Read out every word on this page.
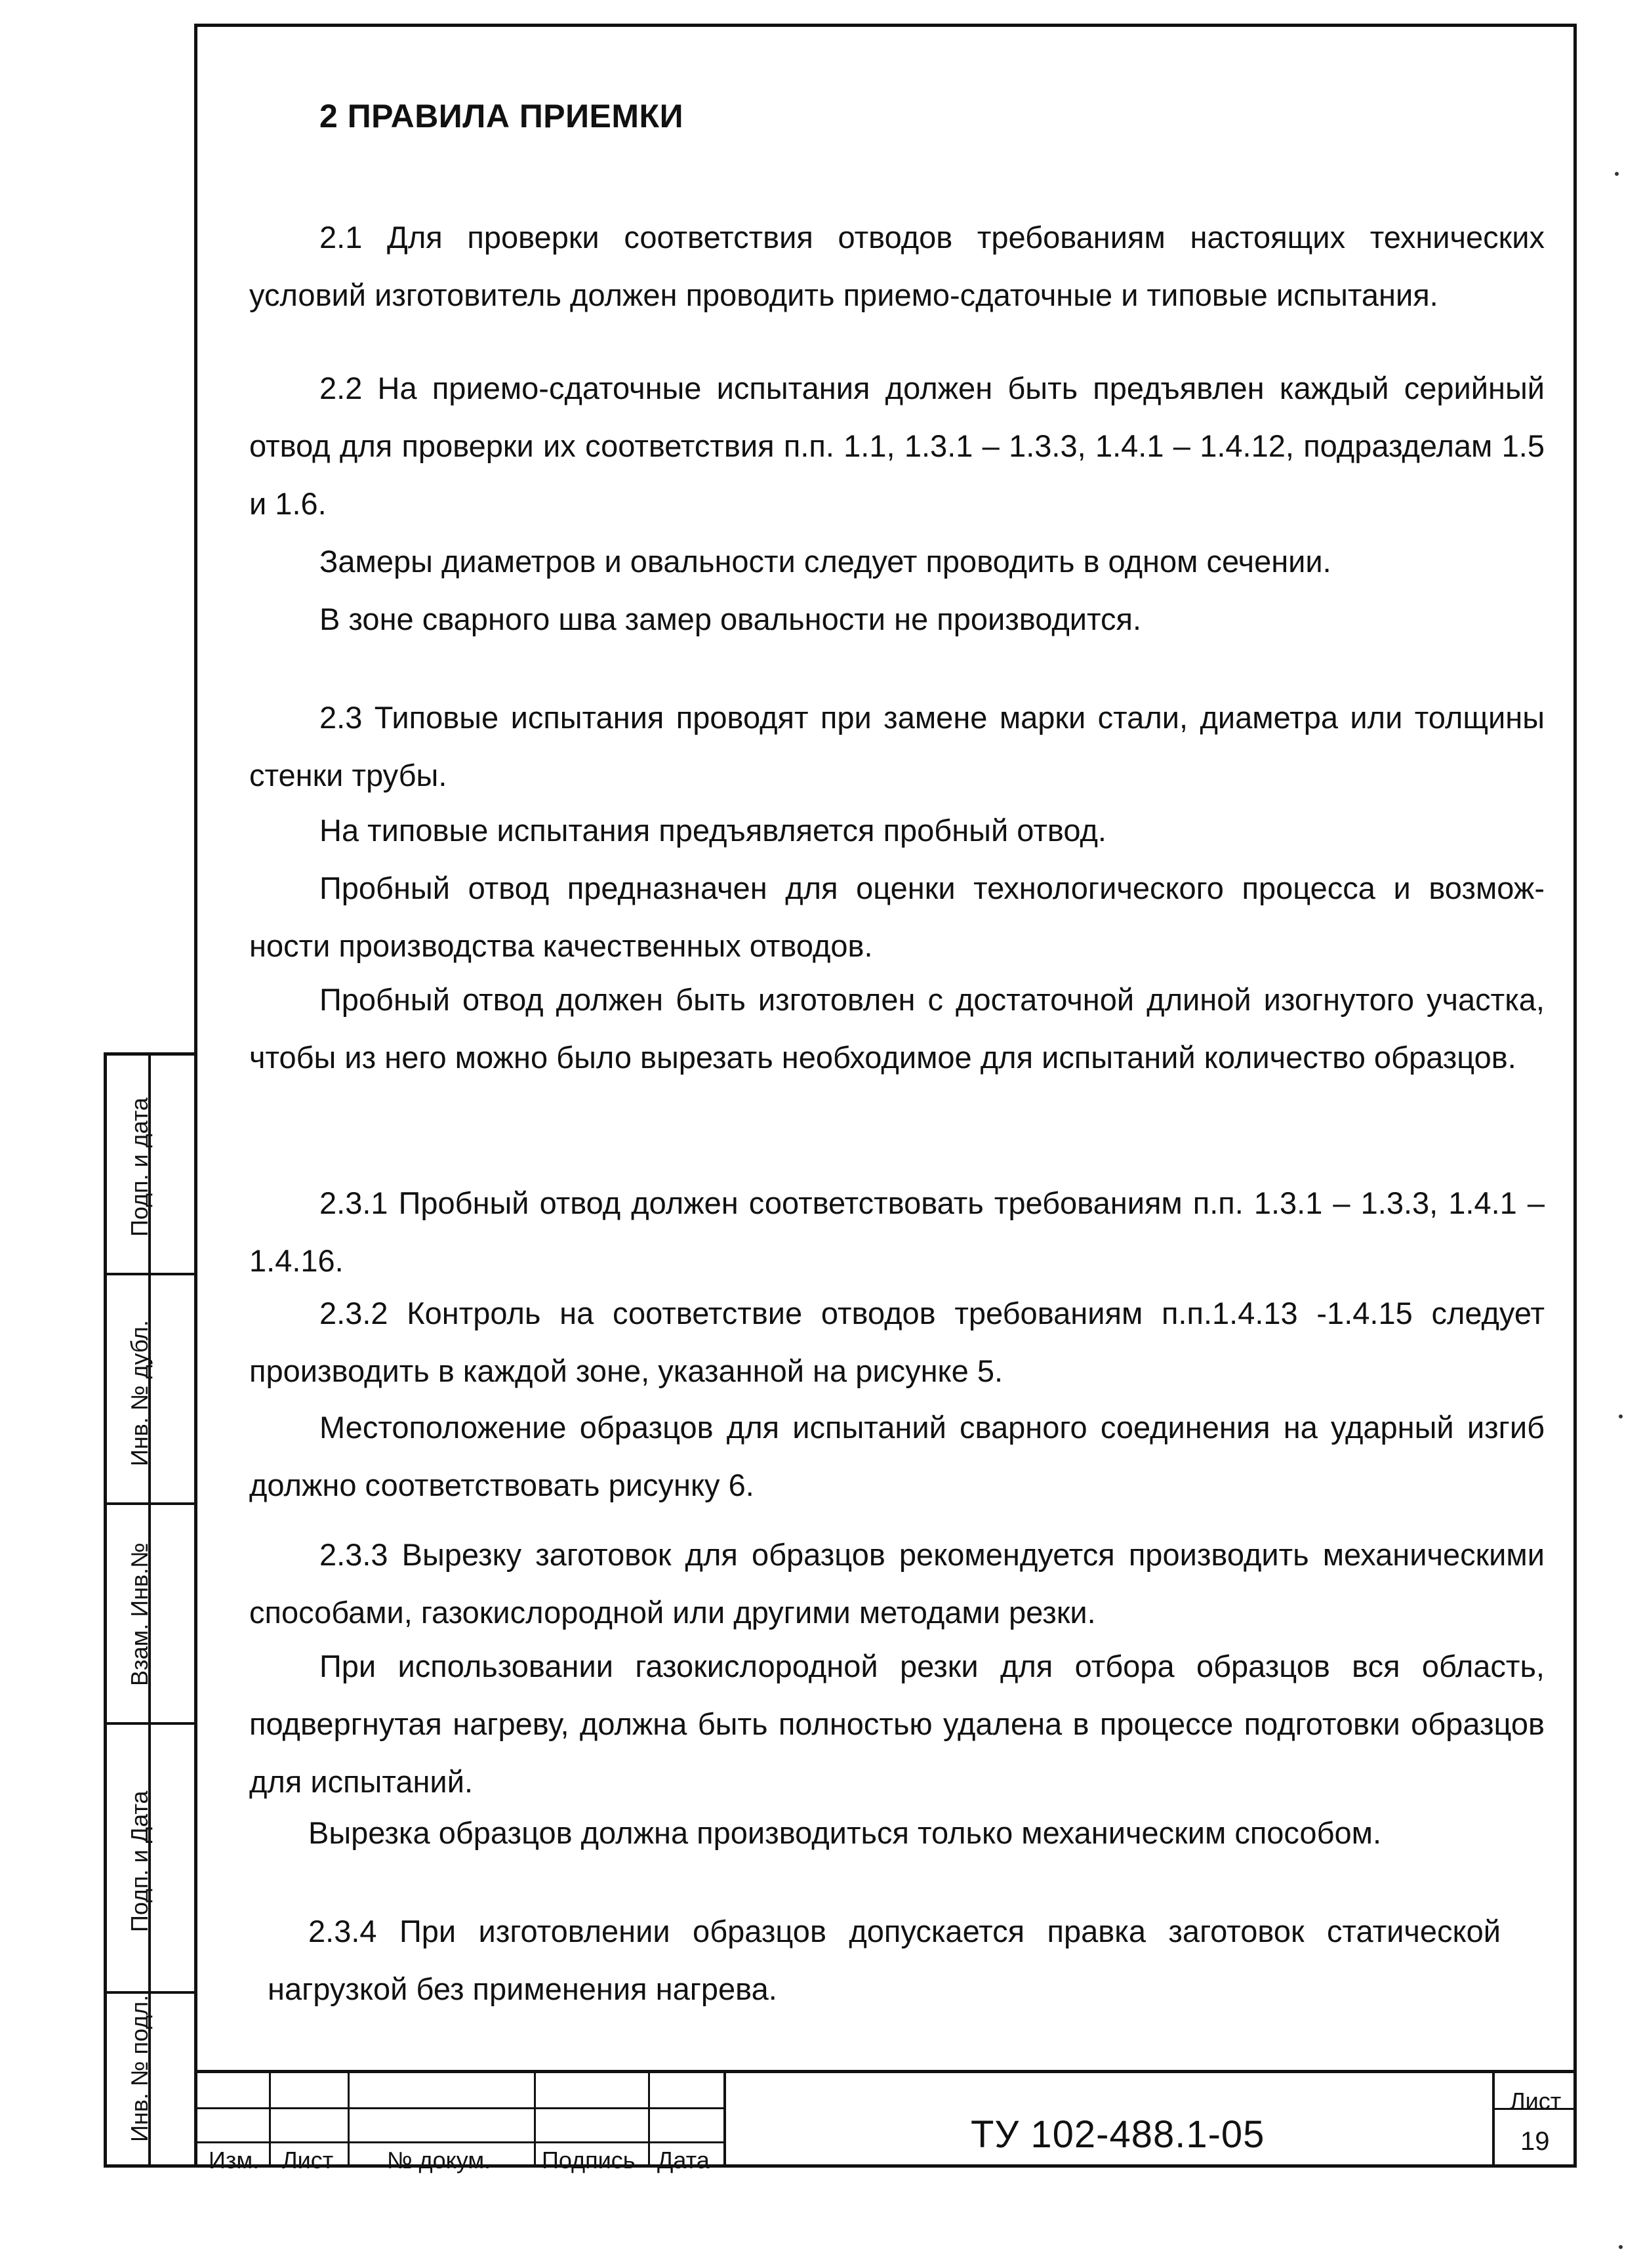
2 ПРАВИЛА ПРИЕМКИ

2.1 Для проверки соответствия отводов требованиям настоящих технических условий изготовитель должен проводить приемо-сдаточные и типовые испытания.

2.2 На приемо-сдаточные испытания должен быть предъявлен каждый серийный отвод для проверки их соответствия п.п. 1.1, 1.3.1 – 1.3.3, 1.4.1 – 1.4.12, подразделам 1.5 и 1.6.

Замеры диаметров и овальности следует проводить в одном сечении.

В зоне сварного шва замер овальности не производится.

2.3 Типовые испытания проводят при замене марки стали, диаметра или толщины стенки трубы.

На типовые испытания предъявляется пробный отвод.

Пробный отвод предназначен для оценки технологического процесса и возмож-ности производства качественных отводов.

Пробный отвод должен быть изготовлен с достаточной длиной изогнутого участка, чтобы из него можно было вырезать необходимое для испытаний количество образцов.

2.3.1 Пробный отвод должен соответствовать требованиям п.п. 1.3.1 – 1.3.3, 1.4.1 – 1.4.16.

2.3.2 Контроль на соответствие отводов требованиям п.п.1.4.13 -1.4.15 следует производить в каждой зоне, указанной на рисунке 5.

Местоположение образцов для испытаний сварного соединения на ударный изгиб должно соответствовать рисунку 6.

2.3.3 Вырезку заготовок для образцов рекомендуется производить механическими способами, газокислородной или другими методами резки.

При использовании газокислородной резки для отбора образцов вся область, подвергнутая нагреву, должна быть полностью удалена в процессе подготовки образцов для испытаний.

Вырезка образцов должна производиться только механическим способом.

2.3.4 При изготовлении образцов допускается правка заготовок статической нагрузкой без применения нагрева.

Подп. и дата
Инв. № дубл.
Взам. Инв.№
Подп. и Дата
Инв. № подл.
Изм. Лист № докум. Подпись Дата
ТУ 102-488.1-05
Лист
19
